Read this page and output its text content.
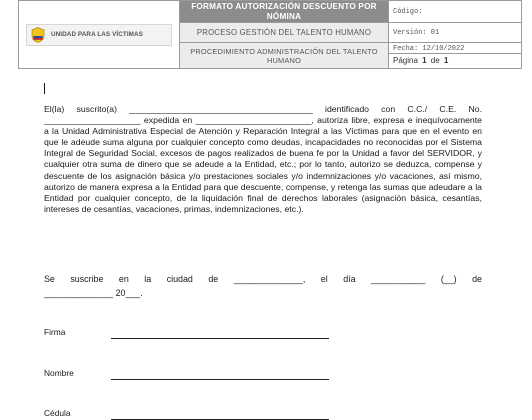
UNIDAD PARA LAS VÍCTIMAS	FORMATO AUTORIZACIÓN DESCUENTO POR NÓMINA	Código:
	PROCESO GESTIÓN DEL TALENTO HUMANO	Versión: 01
	PROCEDIMIENTO ADMINISTRACIÓN DEL TALENTO HUMANO	Fecha: 12/10/2022
Página 1 de 1

El(la) suscrito(a) ______________________________________ identificado con C.C./ C.E. No. ____________________ expedida en ________________________, autoriza libre, expresa e inequívocamente a la Unidad Administrativa Especial de Atención y Reparación Integral a las Víctimas para que en el evento en que le adeude suma alguna por cualquier concepto como deudas, incapacidades no reconocidas por el Sistema Integral de Seguridad Social, excesos de pagos realizados de buena fe por la Unidad a favor del SERVIDOR, y cualquier otra suma de dinero que se adeude a la Entidad, etc.; por lo tanto, autorizo se deduzca, compense y descuente de los asignación básica y/o prestaciones sociales y/o indemnizaciones y/o vacaciones, así mismo, autorizo de manera expresa a la Entidad para que descuente, compense, y retenga las sumas que adeudare a la Entidad por cualquier concepto, de la liquidación final de derechos laborales (asignación básica, cesantías, intereses de cesantías, vacaciones, primas, indemnizaciones, etc.).

Se suscribe en la ciudad de ______________, el día ___________ (__) de
______________ 20___.
Firma
Nombre
Cédula
